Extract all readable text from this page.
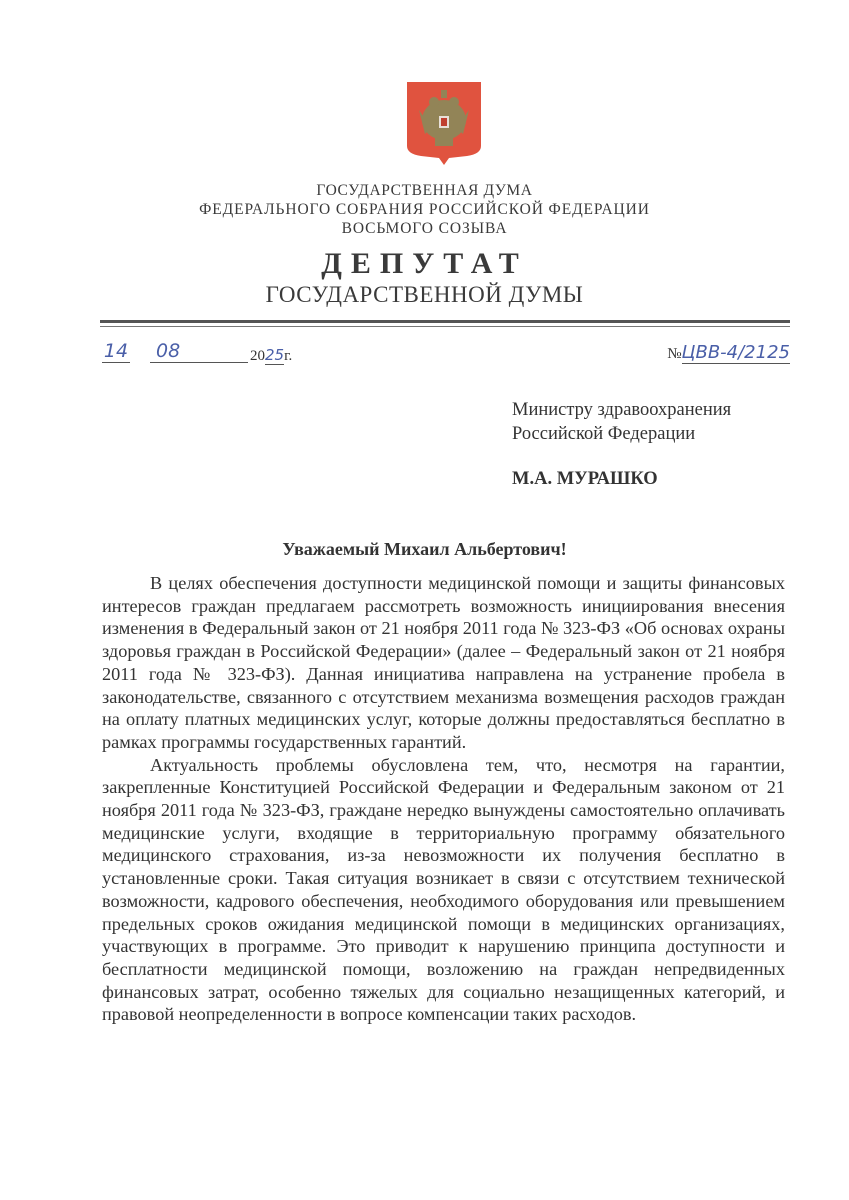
ГОСУДАРСТВЕННАЯ ДУМА
ФЕДЕРАЛЬНОГО СОБРАНИЯ РОССИЙСКОЙ ФЕДЕРАЦИИ
ВОСЬМОГО СОЗЫВА
ДЕПУТАТ
ГОСУДАРСТВЕННОЙ ДУМЫ
14	08	2025г.	№ЦВВ-4/2125
Министру здравоохранения
Российской Федерации
М.А. МУРАШКО
Уважаемый Михаил Альбертович!

В целях обеспечения доступности медицинской помощи и защиты финансовых интересов граждан предлагаем рассмотреть возможность инициирования внесения изменения в Федеральный закон от 21 ноября 2011 года № 323-ФЗ «Об основах охраны здоровья граждан в Российской Федерации» (далее – Федеральный закон от 21 ноября 2011 года № 323-ФЗ). Данная инициатива направлена на устранение пробела в законодательстве, связанного с отсутствием механизма возмещения расходов граждан на оплату платных медицинских услуг, которые должны предоставляться бесплатно в рамках программы государственных гарантий.

Актуальность проблемы обусловлена тем, что, несмотря на гарантии, закрепленные Конституцией Российской Федерации и Федеральным законом от 21 ноября 2011 года № 323-ФЗ, граждане нередко вынуждены самостоятельно оплачивать медицинские услуги, входящие в территориальную программу обязательного медицинского страхования, из-за невозможности их получения бесплатно в установленные сроки. Такая ситуация возникает в связи с отсутствием технической возможности, кадрового обеспечения, необходимого оборудования или превышением предельных сроков ожидания медицинской помощи в медицинских организациях, участвующих в программе. Это приводит к нарушению принципа доступности и бесплатности медицинской помощи, возложению на граждан непредвиденных финансовых затрат, особенно тяжелых для социально незащищенных категорий, и правовой неопределенности в вопросе компенсации таких расходов.
